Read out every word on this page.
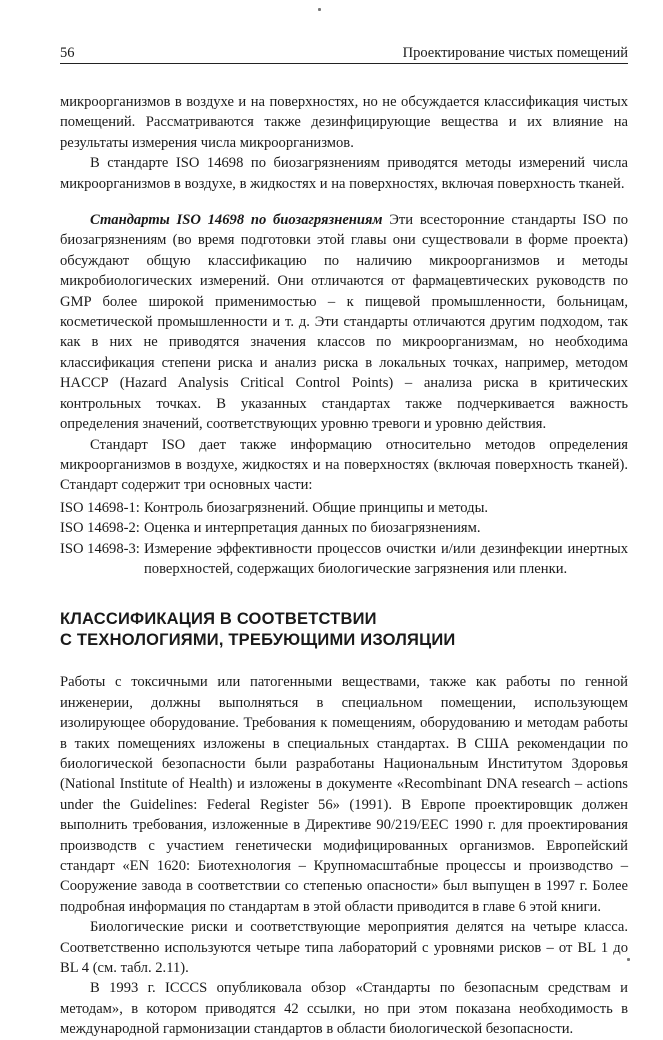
56	Проектирование чистых помещений

микроорганизмов в воздухе и на поверхностях, но не обсуждается классификация чистых помещений. Рассматриваются также дезинфицирующие вещества и их влияние на результаты измерения числа микроорганизмов.

В стандарте ISO 14698 по биозагрязнениям приводятся методы измерений числа микроорганизмов в воздухе, в жидкостях и на поверхностях, включая поверхность тканей.

Стандарты ISO 14698 по биозагрязнениям Эти всесторонние стандарты ISO по биозагрязнениям (во время подготовки этой главы они существовали в форме проекта) обсуждают общую классификацию по наличию микроорганизмов и методы микробиологических измерений. Они отличаются от фармацевтических руководств по GMP более широкой применимостью – к пищевой промышленности, больницам, косметической промышленности и т. д. Эти стандарты отличаются другим подходом, так как в них не приводятся значения классов по микроорганизмам, но необходима классификация степени риска и анализ риска в локальных точках, например, методом HACCP (Hazard Analysis Critical Control Points) – анализа риска в критических контрольных точках. В указанных стандартах также подчеркивается важность определения значений, соответствующих уровню тревоги и уровню действия.

Стандарт ISO дает также информацию относительно методов определения микроорганизмов в воздухе, жидкостях и на поверхностях (включая поверхность тканей). Стандарт содержит три основных части:

ISO 14698-1: Контроль биозагрязнений. Общие принципы и методы.
ISO 14698-2: Оценка и интерпретация данных по биозагрязнениям.
ISO 14698-3: Измерение эффективности процессов очистки и/или дезинфекции инертных поверхностей, содержащих биологические загрязнения или пленки.
КЛАССИФИКАЦИЯ В СООТВЕТСТВИИ
С ТЕХНОЛОГИЯМИ, ТРЕБУЮЩИМИ ИЗОЛЯЦИИ

Работы с токсичными или патогенными веществами, также как работы по генной инженерии, должны выполняться в специальном помещении, использующем изолирующее оборудование. Требования к помещениям, оборудованию и методам работы в таких помещениях изложены в специальных стандартах. В США рекомендации по биологической безопасности были разработаны Национальным Институтом Здоровья (National Institute of Health) и изложены в документе «Recombinant DNA research – actions under the Guidelines: Federal Register 56» (1991). В Европе проектировщик должен выполнить требования, изложенные в Директиве 90/219/EEC 1990 г. для проектирования производств с участием генетически модифицированных организмов. Европейский стандарт «EN 1620: Биотехнология – Крупномасштабные процессы и производство – Сооружение завода в соответствии со степенью опасности» был выпущен в 1997 г. Более подробная информация по стандартам в этой области приводится в главе 6 этой книги.

Биологические риски и соответствующие мероприятия делятся на четыре класса. Соответственно используются четыре типа лабораторий с уровнями рисков – от BL 1 до BL 4 (см. табл. 2.11).

В 1993 г. ICCCS опубликовала обзор «Стандарты по безопасным средствам и методам», в котором приводятся 42 ссылки, но при этом показана необходимость в международной гармонизации стандартов в области биологической безопасности.
